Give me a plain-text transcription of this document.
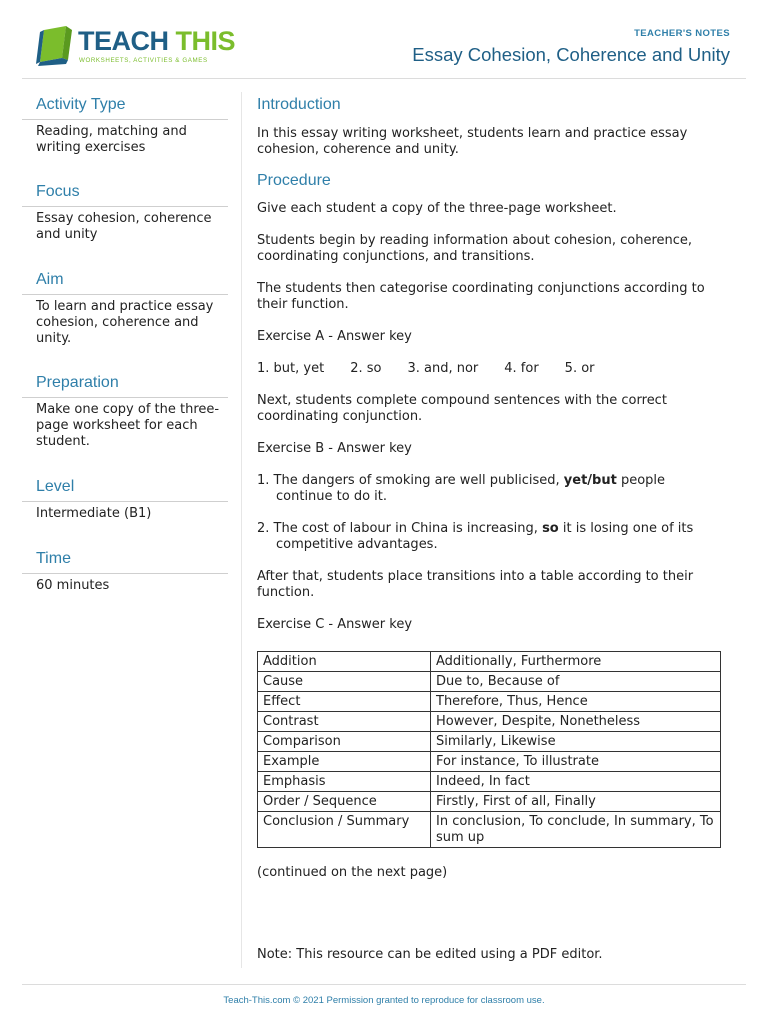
TEACH THIS
WORKSHEETS, ACTIVITIES & GAMES
TEACHER'S NOTES
Essay Cohesion, Coherence and Unity
Activity Type
Reading, matching and writing exercises
Focus
Essay cohesion, coherence and unity
Aim
To learn and practice essay cohesion, coherence and unity.
Preparation
Make one copy of the three-page worksheet for each student.
Level
Intermediate (B1)
Time
60 minutes
Introduction

In this essay writing worksheet, students learn and practice essay cohesion, coherence and unity.

Procedure

Give each student a copy of the three-page worksheet.

Students begin by reading information about cohesion, coherence, coordinating conjunctions, and transitions.

The students then categorise coordinating conjunctions according to their function.

Exercise A - Answer key

1. but, yet 2. so 3. and, nor 4. for 5. or

Next, students complete compound sentences with the correct coordinating conjunction.

Exercise B - Answer key

1. The dangers of smoking are well publicised, yet/but people continue to do it.
2. The cost of labour in China is increasing, so it is losing one of its competitive advantages.

After that, students place transitions into a table according to their function.

Exercise C - Answer key

Addition	Additionally, Furthermore
Cause	Due to, Because of
Effect	Therefore, Thus, Hence
Contrast	However, Despite, Nonetheless
Comparison	Similarly, Likewise
Example	For instance, To illustrate
Emphasis	Indeed, In fact
Order / Sequence	Firstly, First of all, Finally
Conclusion / Summary	In conclusion, To conclude, In summary, To sum up

(continued on the next page)

Note: This resource can be edited using a PDF editor.

Teach-This.com © 2021 Permission granted to reproduce for classroom use.
